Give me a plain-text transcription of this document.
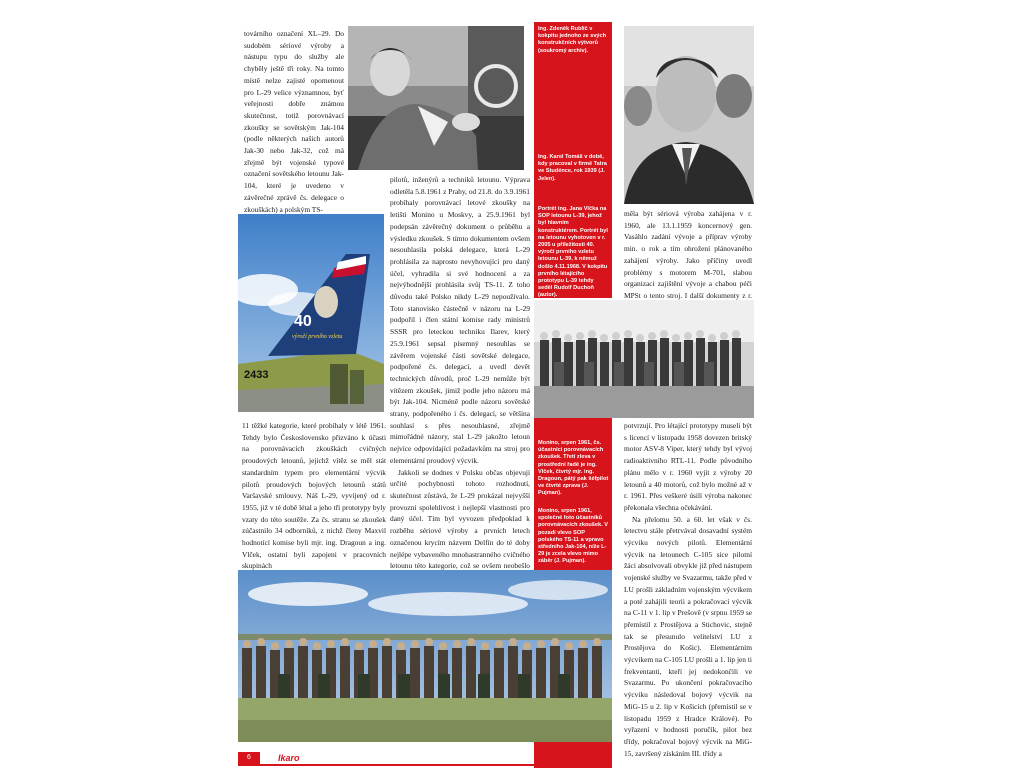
továrního označení XL–29. Do sudobém sériové výroby a nástupu typu do služby ale chyběly ještě tři roky. Na tomto místě nelze zajisté opomenout pro L-29 velice významnou, byť veřejnosti dobře známou skutečnost, totiž porovnávací zkoušky se sovětským Jak-104 (podle některých našich autorů Jak-30 nebo Jak-32, což má zřejmě být vojenské typové označení sovětského letounu Jak-104, které je uvedeno v závěrečné zprávě čs. delegace o zkouškách) a polským TS-

Ing. Zdeněk Rublič v kokpitu jednoho ze svých konstrukčních výtvorů (soukromý archiv).
Ing. Karel Tomáš v době, kdy pracoval v firmě Tatra ve Studénce, rok 1939 (J. Jelen).
Portrét ing. Jana Vlčka na SOP letounu L-39, jehož byl hlavním konstruktérem. Portrét byl na letounu vyhotoven v r. 2005 u příležitosti 40. výročí prvního vzletu letounu L-39, k němuž došlo 4.11.1968. V kokpitu prvního létajícího prototypu L-39 tehdy seděl Rudolf Duchoň (autor).

pilotů, inženýrů a techniků letounu. Výprava odletěla 5.8.1961 z Prahy, od 21.8. do 3.9.1961 probíhaly porovnávací letové zkoušky na letišti Monino u Moskvy, a 25.9.1961 byl podepsán závěrečný dokument o průběhu a výsledku zkoušek. S tímto dokumentem ovšem nesouhlasila polská delegace, která L-29 prohlásila za naprosto nevyhovující pro daný účel, vyhradila si své hodnocení a za nejvýhodnější prohlásila svůj TS-11. Z toho důvodu také Polsko nikdy L-29 nepoužívalo. Toto stanovisko částečně v názoru na L-29 podpořil i člen státní komise rady ministrů SSSR pro leteckou techniku Ilarev, který 25.9.1961 sepsal písemný nesouhlas se závěrem vojenské části sovětské delegace, podpořené čs. delegací, a uvedl devět technických důvodů, proč L-29 nemůže být vítězem zkoušek, jimiž podle jeho názoru má být Jak-104. Nicméně podle názoru sovětské strany, podpořeného i čs. delegací, se většina souhlasí s přes nesouhlasné, zřejmě mimořádné názory, stal L-29 jakožto letoun nejvíce odpovídající požadavkům na stroj pro elementární proudový výcvik.

Jakkoli se dodnes v Polsku občas objevují určité pochybnosti tohoto rozhodnutí, skutečnost zůstává, že L-29 prokázal nejvyšší provozní spolehlivost i nejlepší vlastnosti pro daný účel. Tím byl vyvozen předpoklad k rozběhu sériové výroby a prvních letech označenou krycím názvem Delfín do té doby nejlépe vybaveného mnohastranného cvičného letounu této kategorie, což se ovšem neobešlo

40
výročí prvního vzletu
2433

11 těžké kategorie, které probíhaly v létě 1961. Tehdy bylo Československo přizváno k účasti na porovnávacích zkouškách cvičných proudových letounů, jejichž vítěz se měl stát standardním typem pro elementární výcvik pilotů proudových bojových letounů států Varšavské smlouvy. Náš L-29, vyvíjený od r. 1955, již v té době létal a jeho tři prototypy byly vzaty do této soutěže. Za čs. stranu se zkoušek zúčastnilo 34 odborníků, z nichž členy Maxvil hodnotící komise byli mjr. ing. Dragoun a ing. Vlček, ostatní byli zapojeni v pracovních skupinách

měla být sériová výroba zahájena v r. 1960, ale 13.1.1959 koncernový gen. Vasáhlo zadání vývoje a příprav výroby min. o rok a tím ohrožení plánovaného zahájení výroby. Jako příčiny uvedl problémy s motorem M-701, slabou organizaci zajištění vývoje a chabou péči MPSt o tento stroj. I další dokumenty z r.

Monino, srpen 1961, čs. účastníci porovnávacích zkoušek. Třetí zleva v prostřední řadě je ing. Vlček, čtvrtý mjr. ing. Dragoun, pátý pak šéfpilot ve čtvrté zprava (J. Pujman).
Monino, srpen 1961, společné foto účastníků porovnávacích zkoušek. V pozadí vlevo SOP polského TS-11 a vpravo středního Jak-104, níže L-29 je zcela vlevo mimo záběr (J. Pujman).

potvrzují. Pro létající prototypy museli být s licencí v listopadu 1958 dovezen britský motor ASV-8 Viper, který tehdy byl vývoj radioaktivního RTL-11. Podle původního plánu mělo v r. 1960 vyjít z výroby 20 letounů a 40 motorů, což bylo možné až v r. 1961. Přes veškeré úsilí výroba nakonec překonala všechna očekávání.

Na přelomu 50. a 60. let však v čs. letectvu stále přetrvával dosavadní systém výcviku nových pilotů. Elementární výcvik na letounech C-105 sice pilotní žáci absolvovali obvykle již před nástupem vojenské služby ve Svazarmu, takže před v LU prošli základním vojenským výcvikem a poté zahájili teorii a pokračovací výcvik na C-11 v 1. lip v Prešově (v srpnu 1959 se přemístil z Prostějova a Stichovic, stejně tak se přesunulo velitelství LU z Prostějova do Košic). Elementárním výcvikem na C-105 LU prošli a 1. lip jen ti frekventanti, kteří jej nedokončili ve Svazarmu. Po ukončení pokračovacího výcviku následoval bojový výcvik na MiG-15 u 2. lip v Košicích (přemístil se v listopadu 1959 z Hradce Králové). Po vyřazení v hodnosti poručík, pilot bez třídy, pokračoval bojový výcvik na MiG-15, završený získáním III. třídy a

6	Ikaro
